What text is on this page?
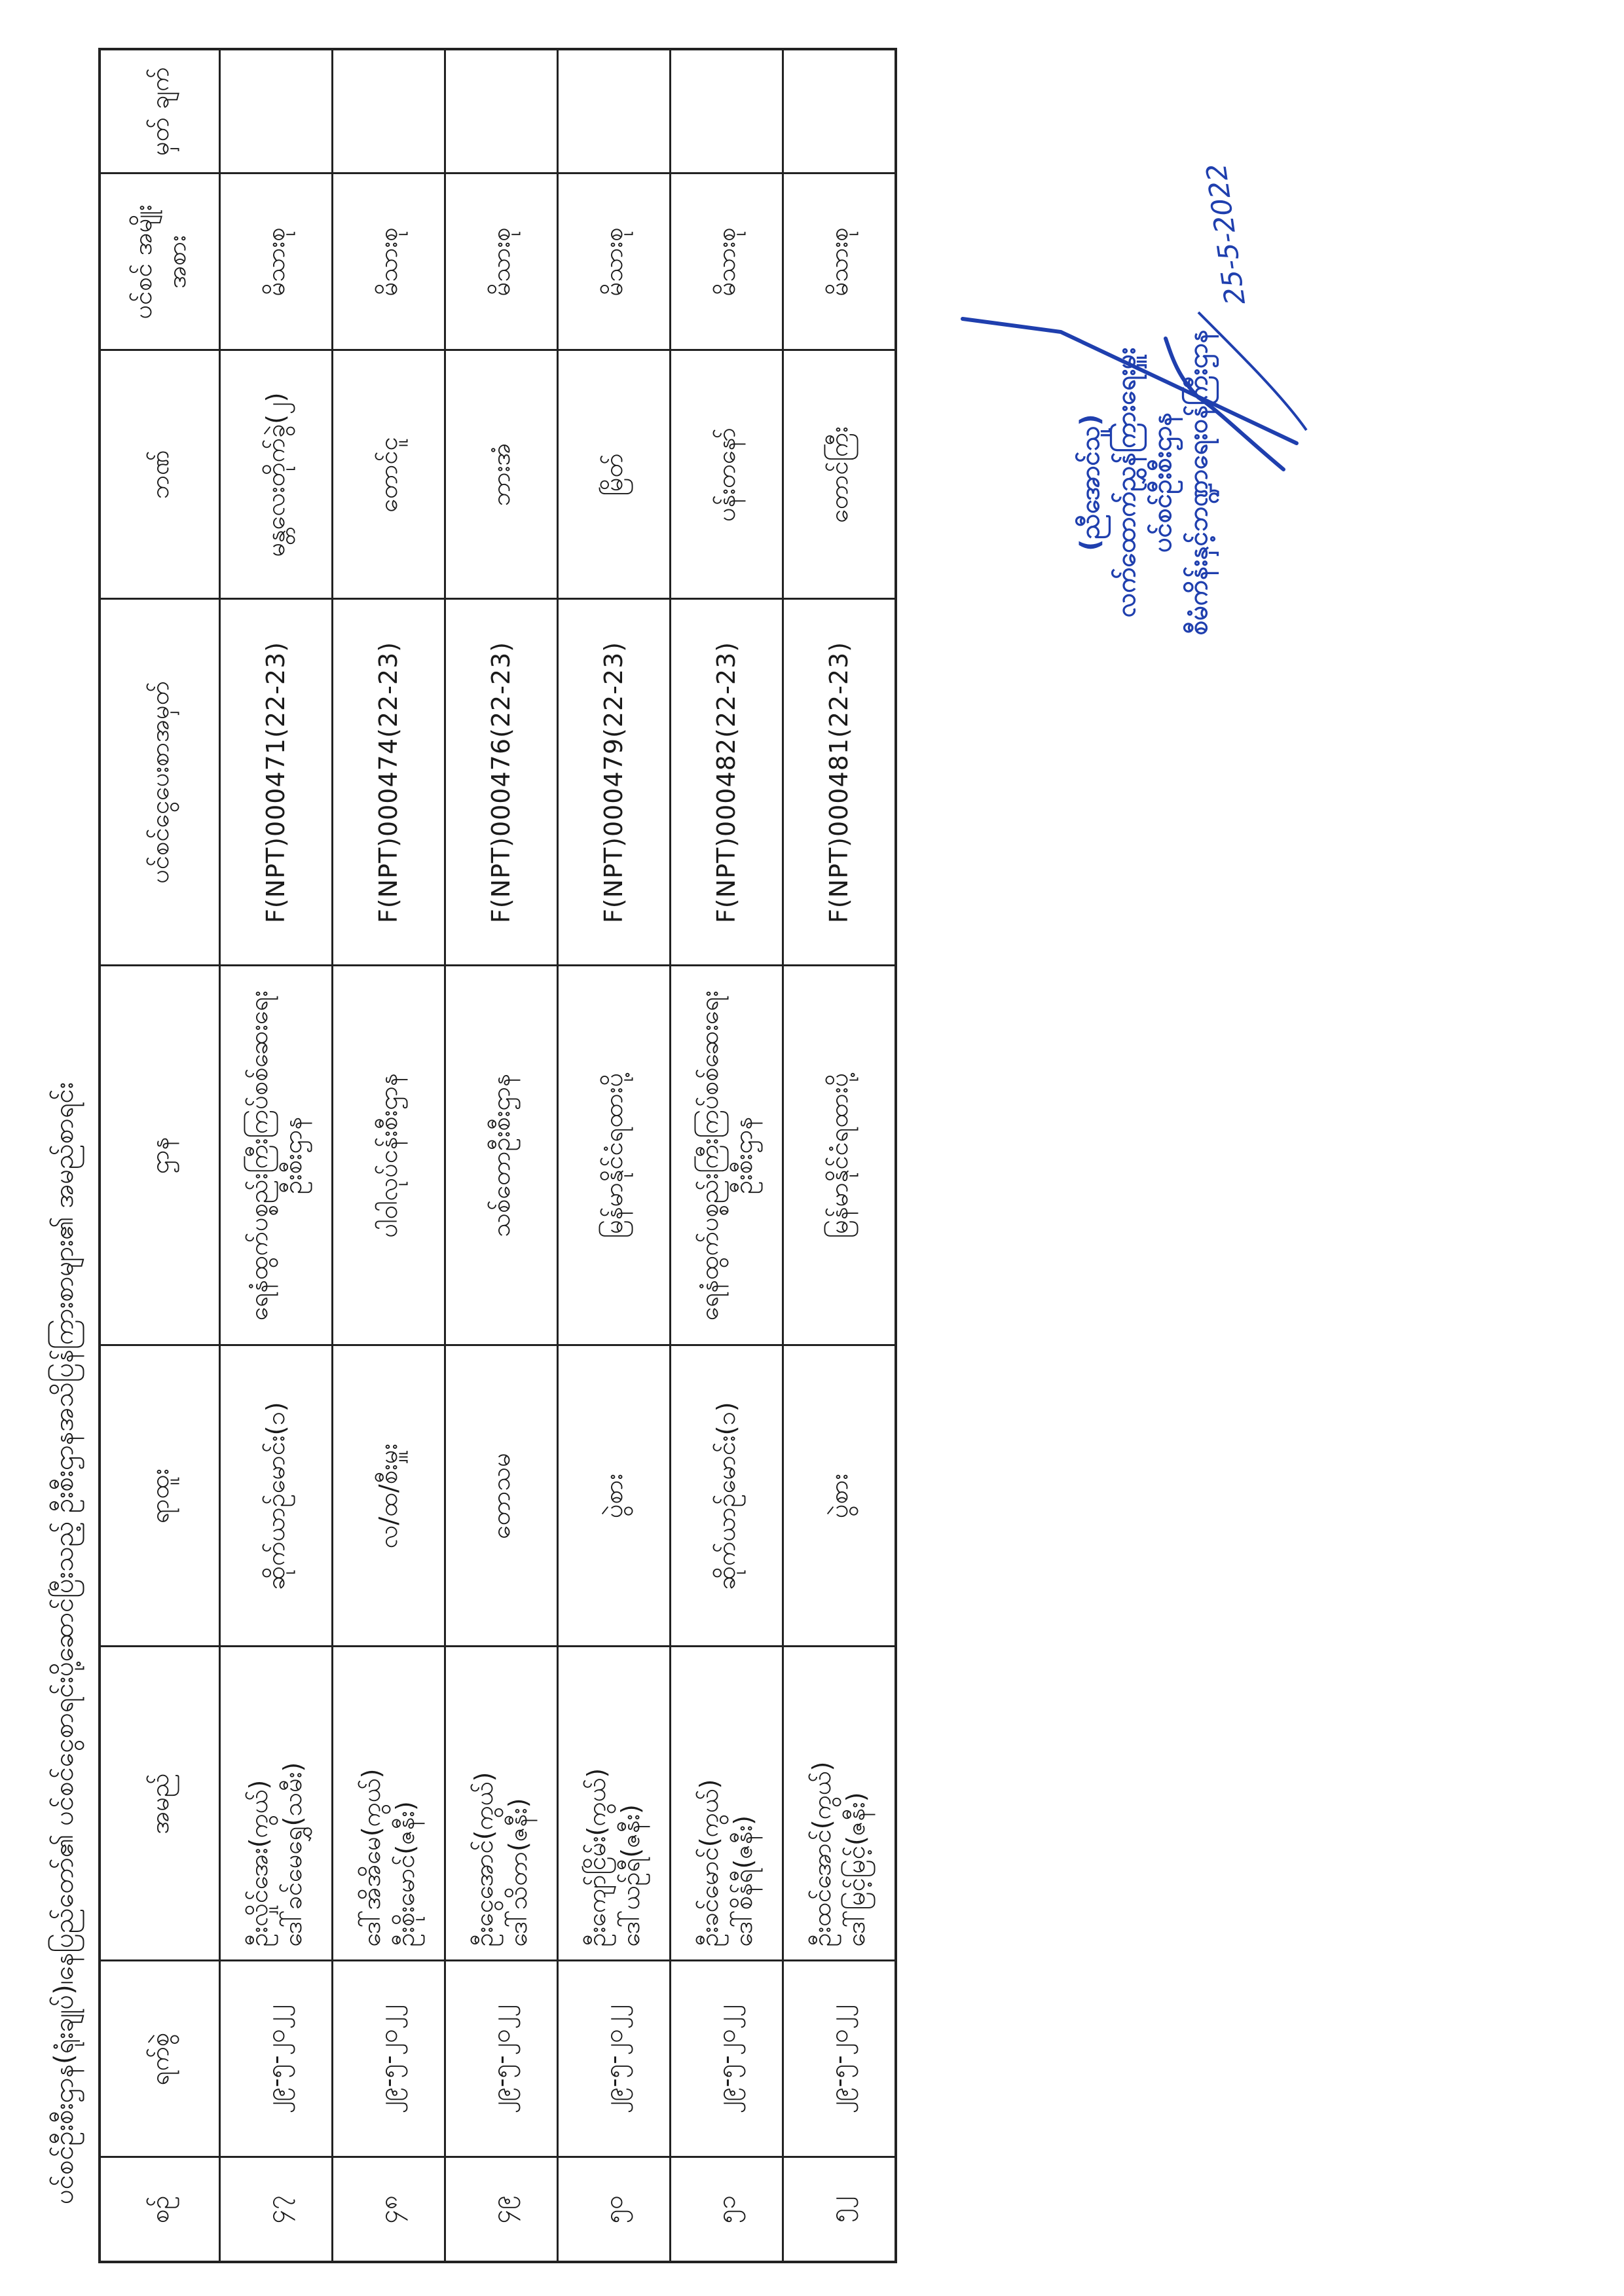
ပင်စင်ဦးစီးဌာန(ရုံးချုပ်)၊နေပြည်တော်၏ ပင်စင်ငွေစာရင်းပို့ဆောင်ပြီးသည့် ဦးစီးဌာနအသိပြန်ကြားစာများ၏ အမည်စာရင်း
စဉ်	ရက်စွဲ	အမည်	ရာထူး	ဌာန	ပင်စင်ငွေပေးစာအမှတ်	ဘဏ်	ပင်စင် အမျိုးအစား	မှတ် ချက်
၄၇	၂၉-၅-၂၀၂၂	ဦးလှိုင်အေး(ကွယ်) ဒေါ်ခင်မေရွှေ(သမီး)	ဆိုက်ယာဉ်မောင်း(၁)	ရေနံထွက်ပစ္စည်းကြီးကြပ်စစ်ဆေးရေး ဦးစီးဌာန	F(NPT)000471(22-23)	မန္တလေးတိုက်ခွဲ(၂)	မိသားစု	
၄၈	၂၉-၅-၂၀၂၂	ဒေါ်အိအိမေ(ကွယ်) ဦးစိုးမောင်(ဇနီး)	လ/ထ/စီးမှူး	ပါဝါလုပ်ငန်းစီးဌာန	F(NPT)000474(22-23)	တောင်ငူ	မိသားစု	
၄၉	၂၉-၅-၂၀၂၂	ဦးငွေအောင်(ကွယ်) ဒေါ်သိတာ(ဇနီး)	တောသမ	သစ်တောဦးစီးဌာန	F(NPT)000476(22-23)	ဘားအံ	မိသားစု	
၅၀	၂၉-၅-၂၀၂၂	ဦးကျော်ငြိမ်း(ကွယ်) ဒေါ်ယဉ်ရီ(ဇနီး)	ပွဲစား	မြန်မာနိုင်ငံရထားပို့	F(NPT)000479(22-23)	မြိတ်	မိသားစု	
၅၁	၂၉-၅-၂၀၂၂	ဦးခင်မောင်(ကွယ်) ဒေါ်စိန်ရီ(ဇနီး)	ဆိုက်ယာဉ်မောင်း(၁)	ရေနံထွက်ပစ္စည်းကြီးကြပ်စစ်ဆေးရေး ဦးစီးဌာန	F(NPT)000482(22-23)	ပန်းတနော်	မိသားစု	
၅၂	၂၉-၅-၂၀၂၂	ဦးထင်အောင်(ကွယ်) ဒေါ်မြင့်မြင့်(ဇနီး)	ပွဲစား	မြန်မာနိုင်ငံရထားပို့	F(NPT)000481(22-23)	တောင်ကြီး	မိသားစု		25-5-2022
(ညီအောင်သူ) လက်ထောက်ညွှန်ကြားရေးမှူး ပင်စင်ဦးစီးဌာန စီမံကိန်းနှင့်ဘဏ္ဍာရေးဝန်ကြီးဌာန
